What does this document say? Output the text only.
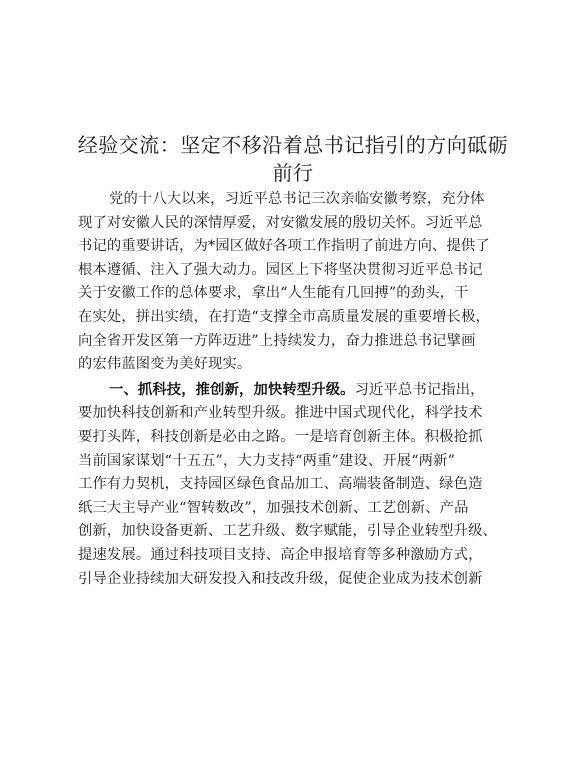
经验交流：坚定不移沿着总书记指引的方向砥砺
前行
党的十八大以来，习近平总书记三次亲临安徽考察，充分体
现了对安徽人民的深情厚爱，对安徽发展的殷切关怀。习近平总
书记的重要讲话，为*园区做好各项工作指明了前进方向、提供了
根本遵循、注入了强大动力。园区上下将坚决贯彻习近平总书记
关于安徽工作的总体要求，拿出“人生能有几回搏”的劲头，干
在实处，拼出实绩，在打造“支撑全市高质量发展的重要增长极，
向全省开发区第一方阵迈进”上持续发力，奋力推进总书记擘画
的宏伟蓝图变为美好现实。
一、抓科技，推创新，加快转型升级。习近平总书记指出，
要加快科技创新和产业转型升级。推进中国式现代化，科学技术
要打头阵，科技创新是必由之路。一是培育创新主体。积极抢抓
当前国家谋划“十五五”，大力支持“两重”建设、开展“两新”
工作有力契机，支持园区绿色食品加工、高端装备制造、绿色造
纸三大主导产业“智转数改”，加强技术创新、工艺创新、产品
创新，加快设备更新、工艺升级、数字赋能，引导企业转型升级、
提速发展。通过科技项目支持、高企申报培育等多种激励方式，
引导企业持续加大研发投入和技改升级，促使企业成为技术创新
